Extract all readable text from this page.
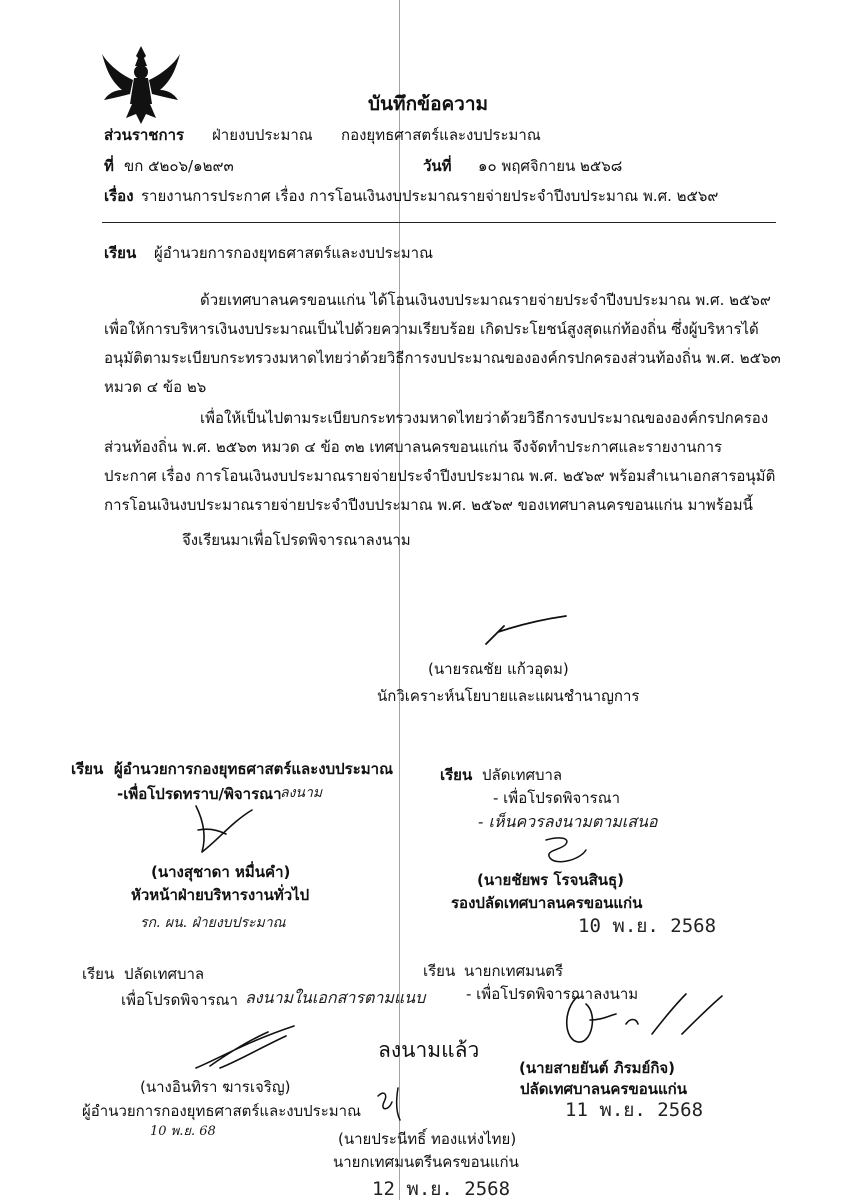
บันทึกข้อความ
ส่วนราชการ ฝ่ายงบประมาณ กองยุทธศาสตร์และงบประมาณ
ที่ ขก ๕๒๐๖/๑๒๙๓	วันที่ ๑๐ พฤศจิกายน ๒๕๖๘
เรื่อง รายงานการประกาศ เรื่อง การโอนเงินงบประมาณรายจ่ายประจำปีงบประมาณ พ.ศ. ๒๕๖๙
เรียน ผู้อำนวยการกองยุทธศาสตร์และงบประมาณ
ด้วยเทศบาลนครขอนแก่น ได้โอนเงินงบประมาณรายจ่ายประจำปีงบประมาณ พ.ศ. ๒๕๖๙
เพื่อให้การบริหารเงินงบประมาณเป็นไปด้วยความเรียบร้อย เกิดประโยชน์สูงสุดแก่ท้องถิ่น ซึ่งผู้บริหารได้
อนุมัติตามระเบียบกระทรวงมหาดไทยว่าด้วยวิธีการงบประมาณขององค์กรปกครองส่วนท้องถิ่น พ.ศ. ๒๕๖๓
หมวด ๔ ข้อ ๒๖
เพื่อให้เป็นไปตามระเบียบกระทรวงมหาดไทยว่าด้วยวิธีการงบประมาณขององค์กรปกครอง
ส่วนท้องถิ่น พ.ศ. ๒๕๖๓ หมวด ๔ ข้อ ๓๒ เทศบาลนครขอนแก่น จึงจัดทำประกาศและรายงานการ
ประกาศ เรื่อง การโอนเงินงบประมาณรายจ่ายประจำปีงบประมาณ พ.ศ. ๒๕๖๙ พร้อมสำเนาเอกสารอนุมัติ
การโอนเงินงบประมาณรายจ่ายประจำปีงบประมาณ พ.ศ. ๒๕๖๙ ของเทศบาลนครขอนแก่น มาพร้อมนี้
จึงเรียนมาเพื่อโปรดพิจารณาลงนาม
(นายรณชัย แก้วอุดม)
นักวิเคราะห์นโยบายและแผนชำนาญการ
เรียน ผู้อำนวยการกองยุทธศาสตร์และงบประมาณ
-เพื่อโปรดทราบ/พิจารณา
ลงนาม
(นางสุชาดา หมื่นคำ)
หัวหน้าฝ่ายบริหารงานทั่วไป
รก. ผน. ฝ่ายงบประมาณ
เรียน ปลัดเทศบาล
- เพื่อโปรดพิจารณา
- เห็นควรลงนามตามเสนอ
(นายชัยพร โรจนสินธุ)
รองปลัดเทศบาลนครขอนแก่น
10 พ.ย. 2568
เรียน ปลัดเทศบาล
เพื่อโปรดพิจารณา ลงนามในเอกสารตามแนบ
(นางอินทิรา ฆารเจริญ)
ผู้อำนวยการกองยุทธศาสตร์และงบประมาณ
10 พ.ย. 68
เรียน นายกเทศมนตรี
- เพื่อโปรดพิจารณาลงนาม
(นายสายยันต์ ภิรมย์กิจ)
ปลัดเทศบาลนครขอนแก่น
11 พ.ย. 2568
ลงนามแล้ว
(นายประนีทธิ์ ทองแห่งไทย)
นายกเทศมนตรีนครขอนแก่น
12 พ.ย. 2568
